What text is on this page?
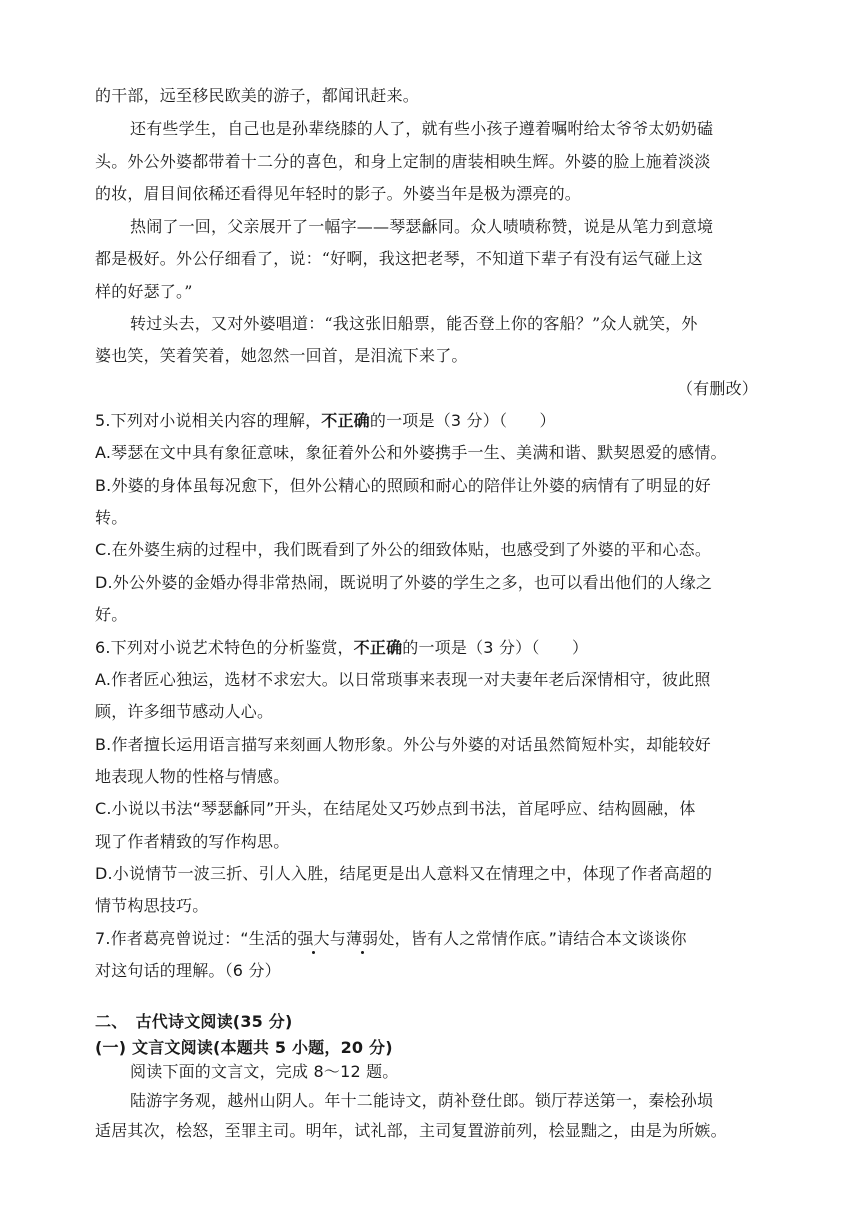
的干部，远至移民欧美的游子，都闻讯赶来。
还有些学生，自己也是孙辈绕膝的人了，就有些小孩子遵着嘱咐给太爷爷太奶奶磕
头。外公外婆都带着十二分的喜色，和身上定制的唐装相映生辉。外婆的脸上施着淡淡
的妆，眉目间依稀还看得见年轻时的影子。外婆当年是极为漂亮的。
热闹了一回，父亲展开了一幅字——琴瑟龢同。众人啧啧称赞，说是从笔力到意境
都是极好。外公仔细看了，说：“好啊，我这把老琴，不知道下辈子有没有运气碰上这
样的好瑟了。”
转过头去，又对外婆唱道：“我这张旧船票，能否登上你的客船？”众人就笑，外
婆也笑，笑着笑着，她忽然一回首，是泪流下来了。
（有删改）
5.下列对小说相关内容的理解，不正确的一项是（3 分）（　　）
A.琴瑟在文中具有象征意味，象征着外公和外婆携手一生、美满和谐、默契恩爱的感情。
B.外婆的身体虽每况愈下，但外公精心的照顾和耐心的陪伴让外婆的病情有了明显的好
转。
C.在外婆生病的过程中，我们既看到了外公的细致体贴，也感受到了外婆的平和心态。
D.外公外婆的金婚办得非常热闹，既说明了外婆的学生之多，也可以看出他们的人缘之
好。
6.下列对小说艺术特色的分析鉴赏，不正确的一项是（3 分）（　　）
A.作者匠心独运，选材不求宏大。以日常琐事来表现一对夫妻年老后深情相守，彼此照
顾，许多细节感动人心。
B.作者擅长运用语言描写来刻画人物形象。外公与外婆的对话虽然简短朴实，却能较好
地表现人物的性格与情感。
C.小说以书法“琴瑟龢同”开头，在结尾处又巧妙点到书法，首尾呼应、结构圆融，体
现了作者精致的写作构思。
D.小说情节一波三折、引人入胜，结尾更是出人意料又在情理之中，体现了作者高超的
情节构思技巧。
7.作者葛亮曾说过：“生活的强大与薄弱处，皆有人之常情作底。”请结合本文谈谈你
对这句话的理解。（6 分）
二、　古代诗文阅读(35 分)
(一) 文言文阅读(本题共 5 小题，20 分)
阅读下面的文言文，完成 8～12 题。
陆游字务观，越州山阴人。年十二能诗文，荫补登仕郎。锁厅荐送第一，秦桧孙埙
适居其次，桧怒，至罪主司。明年，试礼部，主司复置游前列，桧显黜之，由是为所嫉。
